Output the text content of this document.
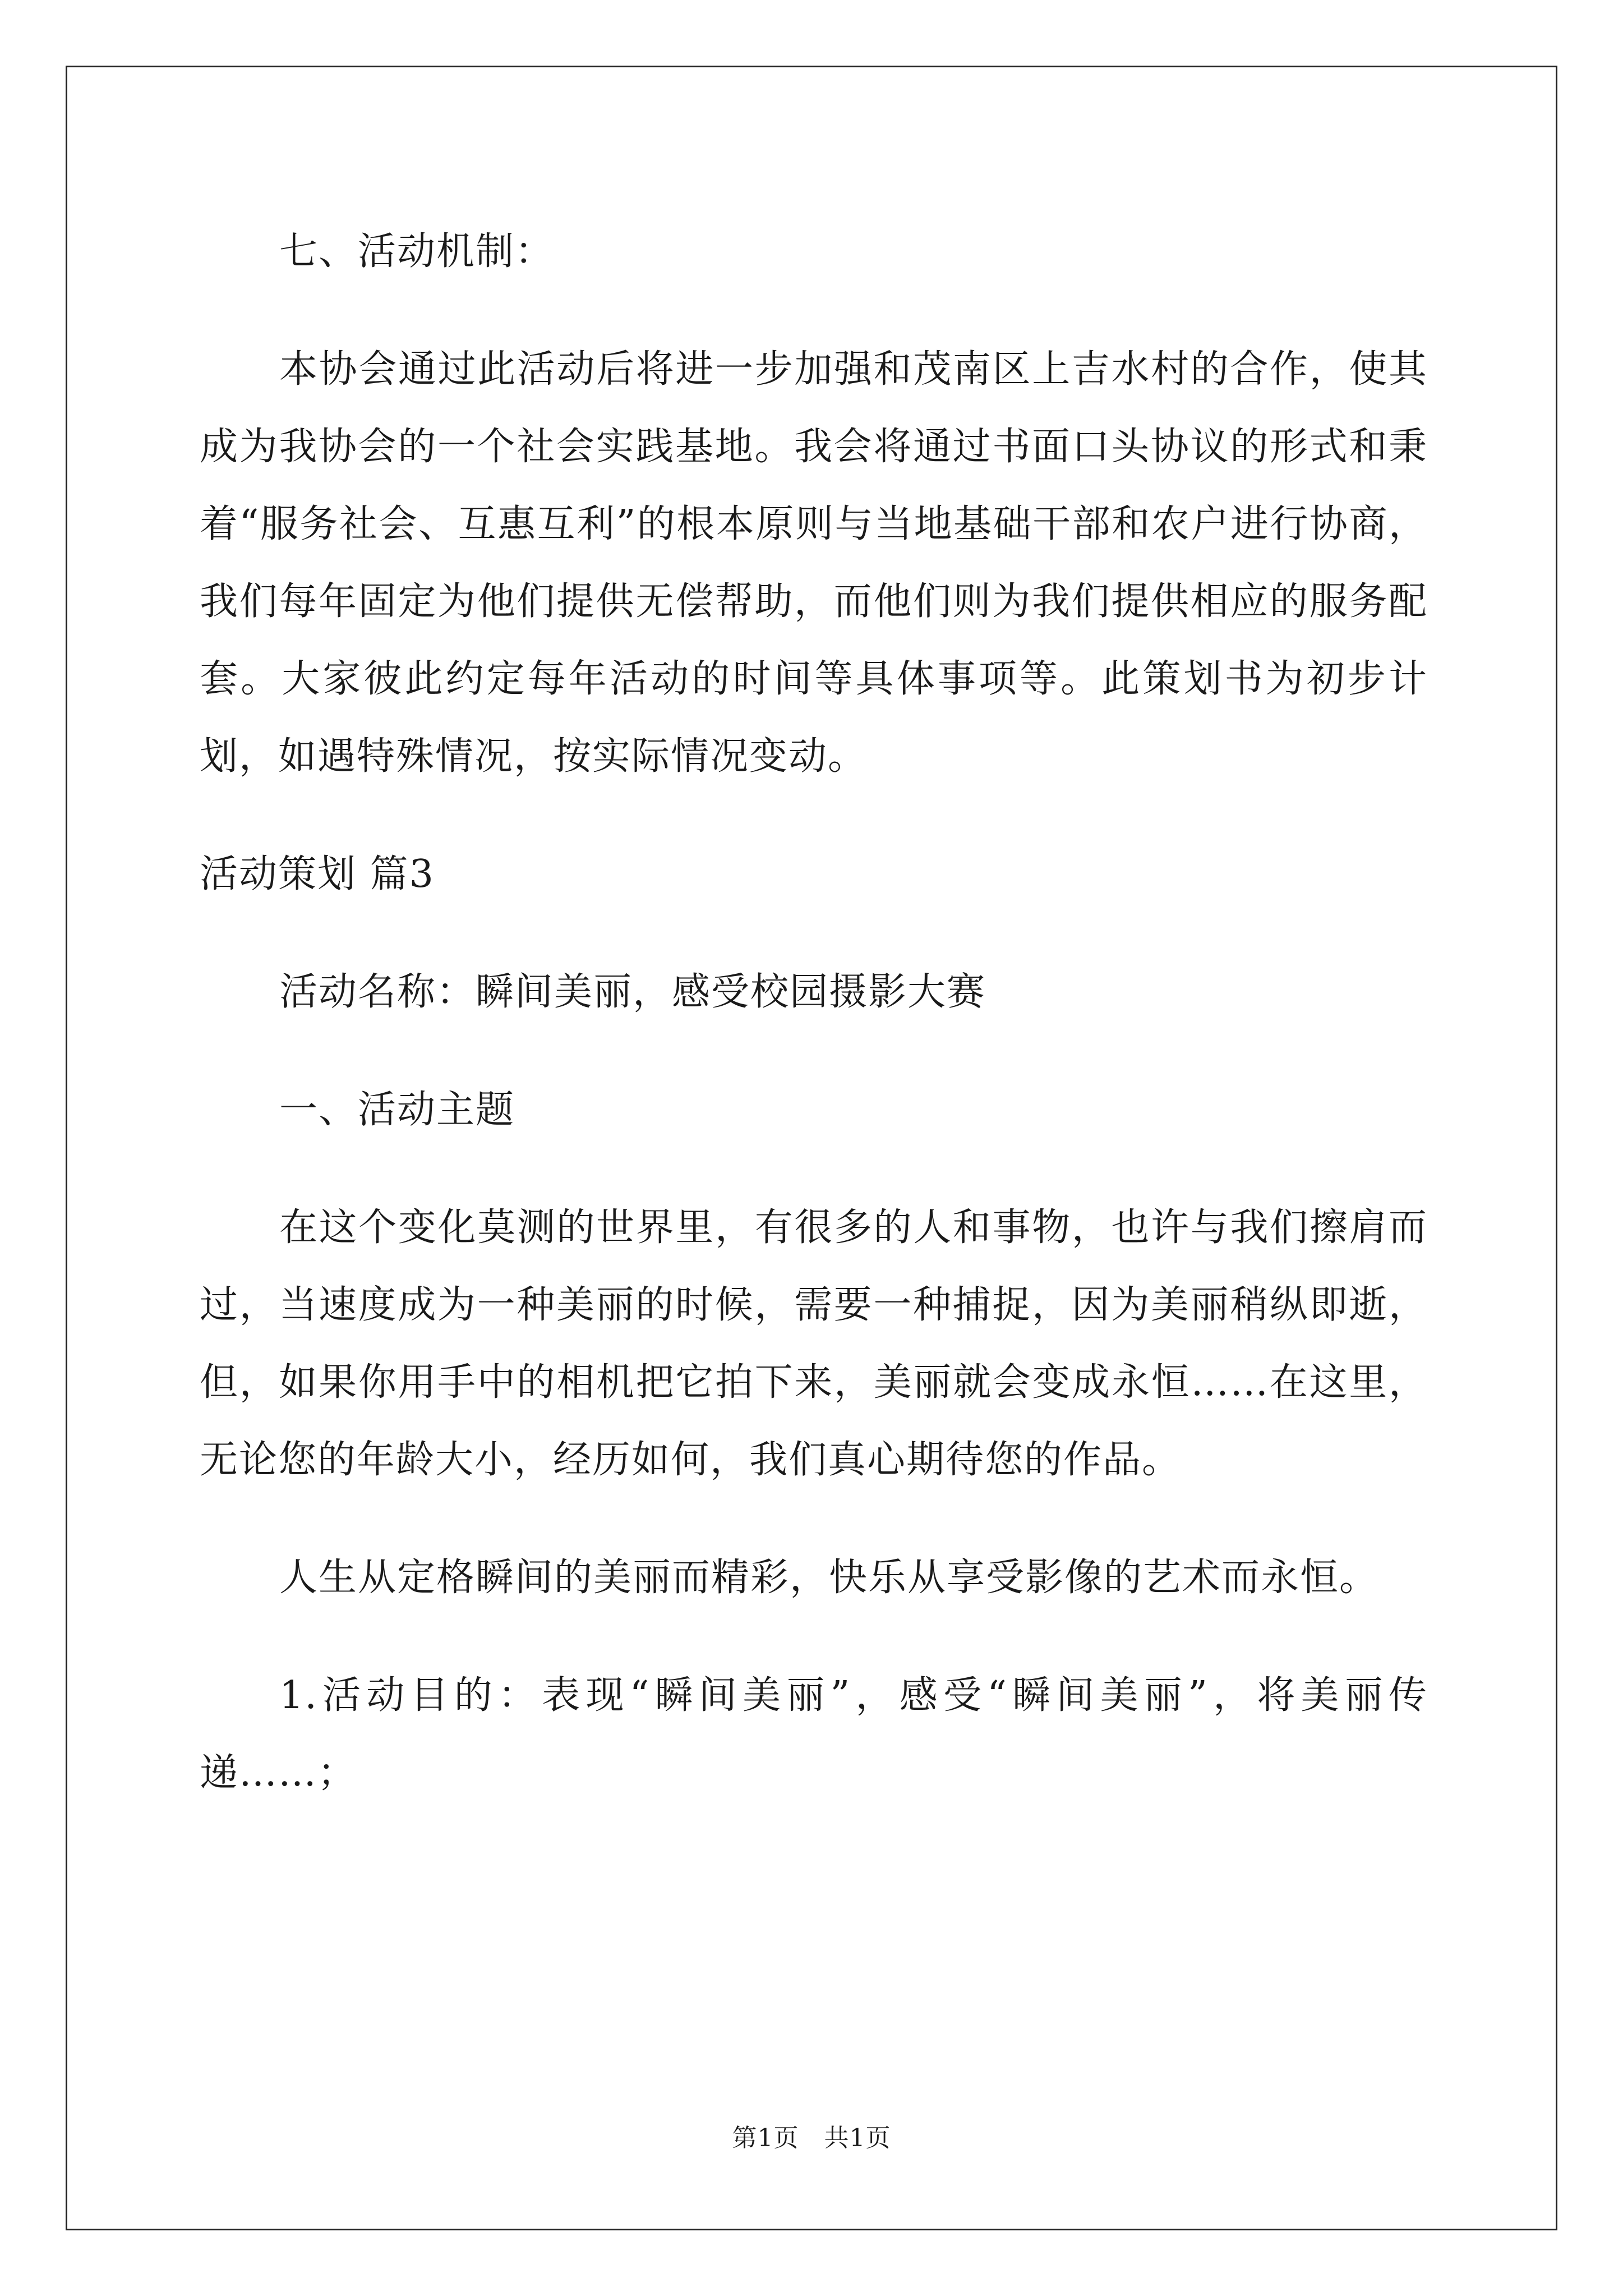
七、活动机制：

本协会通过此活动后将进一步加强和茂南区上吉水村的合作，使其成为我协会的一个社会实践基地。我会将通过书面口头协议的形式和秉着“服务社会、互惠互利”的根本原则与当地基础干部和农户进行协商，我们每年固定为他们提供无偿帮助，而他们则为我们提供相应的服务配套。大家彼此约定每年活动的时间等具体事项等。此策划书为初步计划，如遇特殊情况，按实际情况变动。

活动策划 篇3

活动名称：瞬间美丽，感受校园摄影大赛

一、活动主题

在这个变化莫测的世界里，有很多的人和事物，也许与我们擦肩而过，当速度成为一种美丽的时候，需要一种捕捉，因为美丽稍纵即逝，但，如果你用手中的相机把它拍下来，美丽就会变成永恒……在这里，无论您的年龄大小，经历如何，我们真心期待您的作品。

人生从定格瞬间的美丽而精彩，快乐从享受影像的艺术而永恒。

1.活动目的：表现“瞬间美丽”，感受“瞬间美丽”，将美丽传递……；

第1页　共1页
